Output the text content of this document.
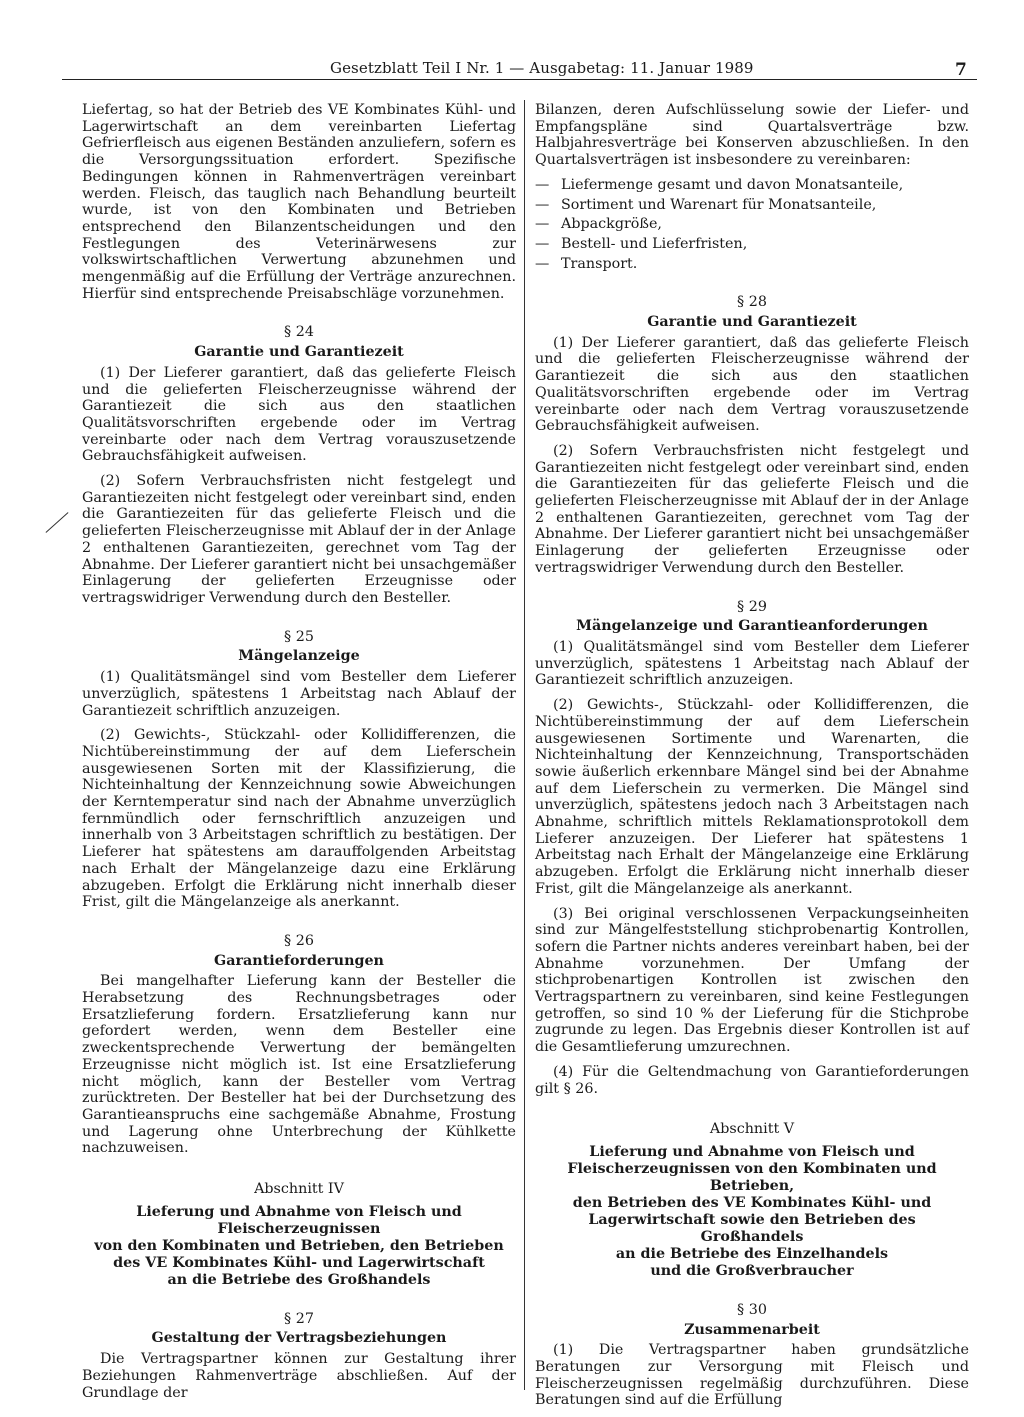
Gesetzblatt Teil I Nr. 1 — Ausgabetag: 11. Januar 1989	7

Liefertag, so hat der Betrieb des VE Kombinates Kühl- und Lagerwirtschaft an dem vereinbarten Liefertag Gefrierfleisch aus eigenen Beständen anzuliefern, sofern es die Versorgungssituation erfordert. Spezifische Bedingungen können in Rahmenverträgen vereinbart werden. Fleisch, das tauglich nach Behandlung beurteilt wurde, ist von den Kombinaten und Betrieben entsprechend den Bilanzentscheidungen und den Festlegungen des Veterinärwesens zur volkswirtschaftlichen Verwertung abzunehmen und mengenmäßig auf die Erfüllung der Verträge anzurechnen. Hierfür sind entsprechende Preisabschläge vorzunehmen.

§ 24
Garantie und Garantiezeit

(1) Der Lieferer garantiert, daß das gelieferte Fleisch und die gelieferten Fleischerzeugnisse während der Garantiezeit die sich aus den staatlichen Qualitätsvorschriften ergebende oder im Vertrag vereinbarte oder nach dem Vertrag vorauszusetzende Gebrauchsfähigkeit aufweisen.

(2) Sofern Verbrauchsfristen nicht festgelegt und Garantiezeiten nicht festgelegt oder vereinbart sind, enden die Garantiezeiten für das gelieferte Fleisch und die gelieferten Fleischerzeugnisse mit Ablauf der in der Anlage 2 enthaltenen Garantiezeiten, gerechnet vom Tag der Abnahme. Der Lieferer garantiert nicht bei unsachgemäßer Einlagerung der gelieferten Erzeugnisse oder vertragswidriger Verwendung durch den Besteller.

§ 25
Mängelanzeige

(1) Qualitätsmängel sind vom Besteller dem Lieferer unverzüglich, spätestens 1 Arbeitstag nach Ablauf der Garantiezeit schriftlich anzuzeigen.

(2) Gewichts-, Stückzahl- oder Kollidifferenzen, die Nichtübereinstimmung der auf dem Lieferschein ausgewiesenen Sorten mit der Klassifizierung, die Nichteinhaltung der Kennzeichnung sowie Abweichungen der Kerntemperatur sind nach der Abnahme unverzüglich fernmündlich oder fernschriftlich anzuzeigen und innerhalb von 3 Arbeitstagen schriftlich zu bestätigen. Der Lieferer hat spätestens am darauffolgenden Arbeitstag nach Erhalt der Mängelanzeige dazu eine Erklärung abzugeben. Erfolgt die Erklärung nicht innerhalb dieser Frist, gilt die Mängelanzeige als anerkannt.

§ 26
Garantieforderungen

Bei mangelhafter Lieferung kann der Besteller die Herabsetzung des Rechnungsbetrages oder Ersatzlieferung fordern. Ersatzlieferung kann nur gefordert werden, wenn dem Besteller eine zweckentsprechende Verwertung der bemängelten Erzeugnisse nicht möglich ist. Ist eine Ersatzlieferung nicht möglich, kann der Besteller vom Vertrag zurücktreten. Der Besteller hat bei der Durchsetzung des Garantieanspruchs eine sachgemäße Abnahme, Frostung und Lagerung ohne Unterbrechung der Kühlkette nachzuweisen.

Abschnitt IV
Lieferung und Abnahme von Fleisch und Fleischerzeugnissen
von den Kombinaten und Betrieben, den Betrieben
des VE Kombinates Kühl- und Lagerwirtschaft
an die Betriebe des Großhandels
§ 27
Gestaltung der Vertragsbeziehungen

Die Vertragspartner können zur Gestaltung ihrer Beziehungen Rahmenverträge abschließen. Auf der Grundlage der

Bilanzen, deren Aufschlüsselung sowie der Liefer- und Empfangspläne sind Quartalsverträge bzw. Halbjahresverträge bei Konserven abzuschließen. In den Quartalsverträgen ist insbesondere zu vereinbaren:

— Liefermenge gesamt und davon Monatsanteile,
— Sortiment und Warenart für Monatsanteile,
— Abpackgröße,
— Bestell- und Lieferfristen,
— Transport.
§ 28
Garantie und Garantiezeit

(1) Der Lieferer garantiert, daß das gelieferte Fleisch und die gelieferten Fleischerzeugnisse während der Garantiezeit die sich aus den staatlichen Qualitätsvorschriften ergebende oder im Vertrag vereinbarte oder nach dem Vertrag vorauszusetzende Gebrauchsfähigkeit aufweisen.

(2) Sofern Verbrauchsfristen nicht festgelegt und Garantiezeiten nicht festgelegt oder vereinbart sind, enden die Garantiezeiten für das gelieferte Fleisch und die gelieferten Fleischerzeugnisse mit Ablauf der in der Anlage 2 enthaltenen Garantiezeiten, gerechnet vom Tag der Abnahme. Der Lieferer garantiert nicht bei unsachgemäßer Einlagerung der gelieferten Erzeugnisse oder vertragswidriger Verwendung durch den Besteller.

§ 29
Mängelanzeige und Garantieanforderungen

(1) Qualitätsmängel sind vom Besteller dem Lieferer unverzüglich, spätestens 1 Arbeitstag nach Ablauf der Garantiezeit schriftlich anzuzeigen.

(2) Gewichts-, Stückzahl- oder Kollidifferenzen, die Nichtübereinstimmung der auf dem Lieferschein ausgewiesenen Sortimente und Warenarten, die Nichteinhaltung der Kennzeichnung, Transportschäden sowie äußerlich erkennbare Mängel sind bei der Abnahme auf dem Lieferschein zu vermerken. Die Mängel sind unverzüglich, spätestens jedoch nach 3 Arbeitstagen nach Abnahme, schriftlich mittels Reklamationsprotokoll dem Lieferer anzuzeigen. Der Lieferer hat spätestens 1 Arbeitstag nach Erhalt der Mängelanzeige eine Erklärung abzugeben. Erfolgt die Erklärung nicht innerhalb dieser Frist, gilt die Mängelanzeige als anerkannt.

(3) Bei original verschlossenen Verpackungseinheiten sind zur Mängelfeststellung stichprobenartig Kontrollen, sofern die Partner nichts anderes vereinbart haben, bei der Abnahme vorzunehmen. Der Umfang der stichprobenartigen Kontrollen ist zwischen den Vertragspartnern zu vereinbaren, sind keine Festlegungen getroffen, so sind 10 % der Lieferung für die Stichprobe zugrunde zu legen. Das Ergebnis dieser Kontrollen ist auf die Gesamtlieferung umzurechnen.

(4) Für die Geltendmachung von Garantieforderungen gilt § 26.

Abschnitt V
Lieferung und Abnahme von Fleisch und
Fleischerzeugnissen von den Kombinaten und Betrieben,
den Betrieben des VE Kombinates Kühl- und
Lagerwirtschaft sowie den Betrieben des Großhandels
an die Betriebe des Einzelhandels
und die Großverbraucher
§ 30
Zusammenarbeit

(1) Die Vertragspartner haben grundsätzliche Beratungen zur Versorgung mit Fleisch und Fleischerzeugnissen regelmäßig durchzuführen. Diese Beratungen sind auf die Erfüllung
